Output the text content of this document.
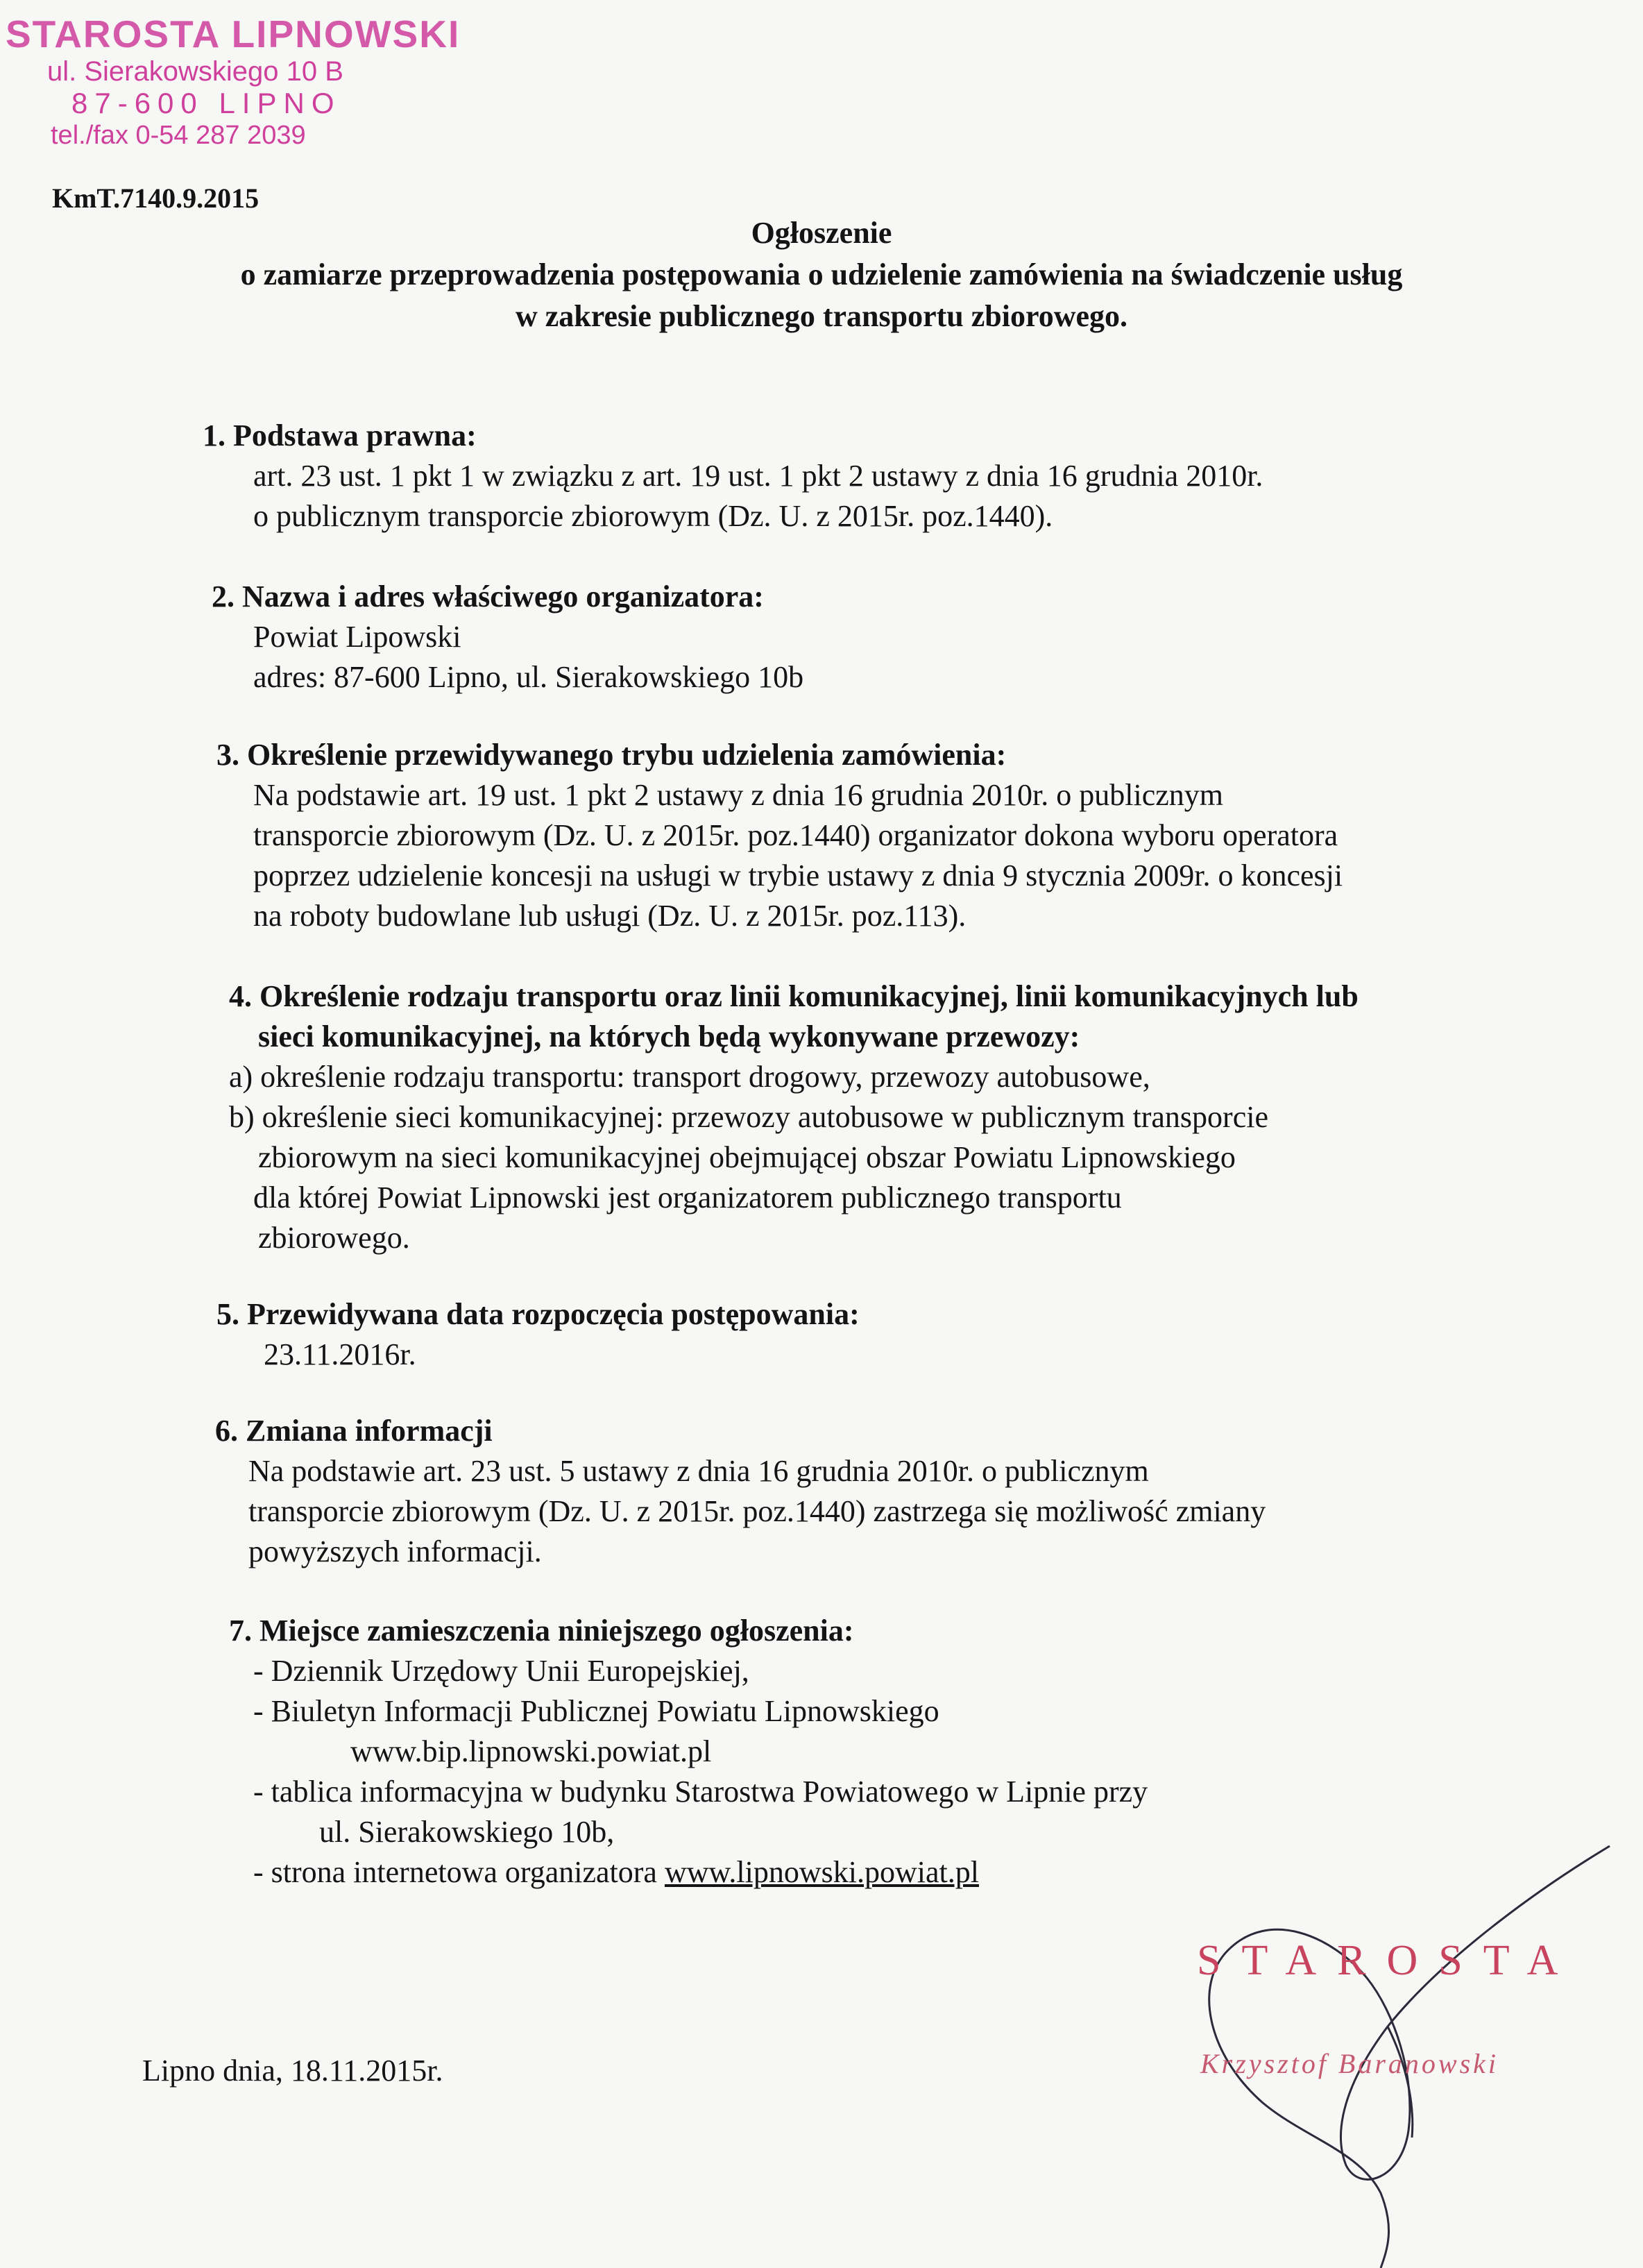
STAROSTA LIPNOWSKI
ul. Sierakowskiego 10 B
87-600 LIPNO
tel./fax 0-54 287 2039
KmT.7140.9.2015
Ogłoszenie
o zamiarze przeprowadzenia postępowania o udzielenie zamówienia na świadczenie usług
w zakresie publicznego transportu zbiorowego.
1. Podstawa prawna:
art. 23 ust. 1 pkt 1 w związku z art. 19 ust. 1 pkt 2 ustawy z dnia 16 grudnia 2010r.
o publicznym transporcie zbiorowym (Dz. U. z 2015r. poz.1440).
2. Nazwa i adres właściwego organizatora:
Powiat Lipowski
adres: 87-600 Lipno, ul. Sierakowskiego 10b
3. Określenie przewidywanego trybu udzielenia zamówienia:
Na podstawie art. 19 ust. 1 pkt 2 ustawy z dnia 16 grudnia 2010r. o publicznym
transporcie zbiorowym (Dz. U. z 2015r. poz.1440) organizator dokona wyboru operatora
poprzez udzielenie koncesji na usługi w trybie ustawy z dnia 9 stycznia 2009r. o koncesji
na roboty budowlane lub usługi (Dz. U. z 2015r. poz.113).
4. Określenie rodzaju transportu oraz linii komunikacyjnej, linii komunikacyjnych lub
sieci komunikacyjnej, na których będą wykonywane przewozy:
a) określenie rodzaju transportu: transport drogowy, przewozy autobusowe,
b) określenie sieci komunikacyjnej: przewozy autobusowe w publicznym transporcie
zbiorowym na sieci komunikacyjnej obejmującej obszar Powiatu Lipnowskiego
dla której Powiat Lipnowski jest organizatorem publicznego transportu
zbiorowego.
5. Przewidywana data rozpoczęcia postępowania:
23.11.2016r.
6. Zmiana informacji
Na podstawie art. 23 ust. 5 ustawy z dnia 16 grudnia 2010r. o publicznym
transporcie zbiorowym (Dz. U. z 2015r. poz.1440) zastrzega się możliwość zmiany
powyższych informacji.
7. Miejsce zamieszczenia niniejszego ogłoszenia:
- Dziennik Urzędowy Unii Europejskiej,
- Biuletyn Informacji Publicznej Powiatu Lipnowskiego
www.bip.lipnowski.powiat.pl
- tablica informacyjna w budynku Starostwa Powiatowego w Lipnie przy
ul. Sierakowskiego 10b,
- strona internetowa organizatora www.lipnowski.powiat.pl
STAROSTA
Krzysztof Baranowski
Lipno dnia, 18.11.2015r.
